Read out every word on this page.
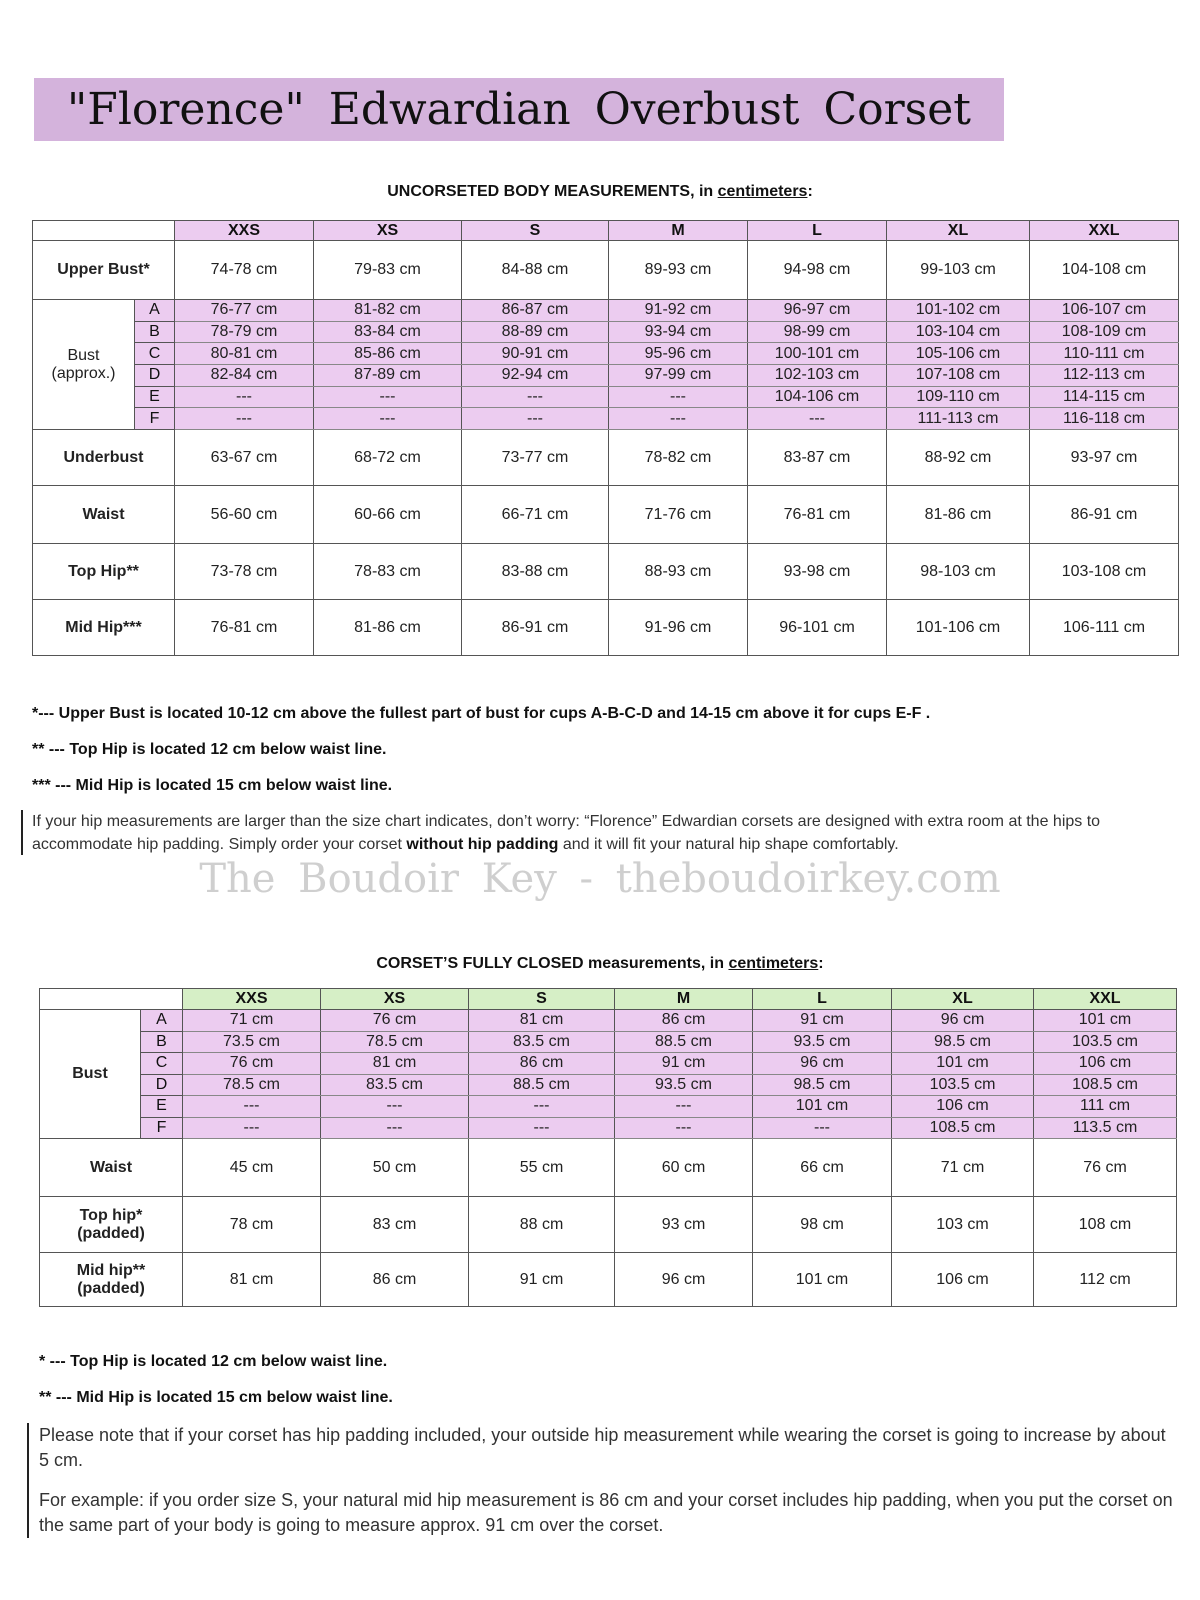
"Florence" Edwardian Overbust Corset
UNCORSETED BODY MEASUREMENTS, in centimeters:
		XXS	XS	S	M	L	XL	XXL
Upper Bust*		74-78 cm	79-83 cm	84-88 cm	89-93 cm	94-98 cm	99-103 cm	104-108 cm
Bust
(approx.)	A	76-77 cm	81-82 cm	86-87 cm	91-92 cm	96-97 cm	101-102 cm	106-107 cm
	B	78-79 cm	83-84 cm	88-89 cm	93-94 cm	98-99 cm	103-104 cm	108-109 cm
	C	80-81 cm	85-86 cm	90-91 cm	95-96 cm	100-101 cm	105-106 cm	110-111 cm
	D	82-84 cm	87-89 cm	92-94 cm	97-99 cm	102-103 cm	107-108 cm	112-113 cm
	E	---	---	---	---	104-106 cm	109-110 cm	114-115 cm
	F	---	---	---	---	---	111-113 cm	116-118 cm
Underbust		63-67 cm	68-72 cm	73-77 cm	78-82 cm	83-87 cm	88-92 cm	93-97 cm
Waist		56-60 cm	60-66 cm	66-71 cm	71-76 cm	76-81 cm	81-86 cm	86-91 cm
Top Hip**		73-78 cm	78-83 cm	83-88 cm	88-93 cm	93-98 cm	98-103 cm	103-108 cm
Mid Hip***		76-81 cm	81-86 cm	86-91 cm	91-96 cm	96-101 cm	101-106 cm	106-111 cm
*--- Upper Bust is located 10-12 cm above the fullest part of bust for cups A-B-C-D and 14-15 cm above it for cups E-F .
** --- Top Hip is located 12 cm below waist line.
*** --- Mid Hip is located 15 cm below waist line.
If your hip measurements are larger than the size chart indicates, don’t worry: “Florence” Edwardian corsets are designed with extra room at the hips to accommodate hip padding. Simply order your corset without hip padding and it will fit your natural hip shape comfortably.
The Boudoir Key - theboudoirkey.com
CORSET’S FULLY CLOSED measurements, in centimeters:
		XXS	XS	S	M	L	XL	XXL
Bust	A	71 cm	76 cm	81 cm	86 cm	91 cm	96 cm	101 cm
	B	73.5 cm	78.5 cm	83.5 cm	88.5 cm	93.5 cm	98.5 cm	103.5 cm
	C	76 cm	81 cm	86 cm	91 cm	96 cm	101 cm	106 cm
	D	78.5 cm	83.5 cm	88.5 cm	93.5 cm	98.5 cm	103.5 cm	108.5 cm
	E	---	---	---	---	101 cm	106 cm	111 cm
	F	---	---	---	---	---	108.5 cm	113.5 cm
Waist		45 cm	50 cm	55 cm	60 cm	66 cm	71 cm	76 cm
Top hip*
(padded)		78 cm	83 cm	88 cm	93 cm	98 cm	103 cm	108 cm
Mid hip**
(padded)		81 cm	86 cm	91 cm	96 cm	101 cm	106 cm	112 cm
* --- Top Hip is located 12 cm below waist line.
** --- Mid Hip is located 15 cm below waist line.
Please note that if your corset has hip padding included, your outside hip measurement while wearing the corset is going to increase by about 5 cm.
For example: if you order size S, your natural mid hip measurement is 86 cm and your corset includes hip padding, when you put the corset on the same part of your body is going to measure approx. 91 cm over the corset.
